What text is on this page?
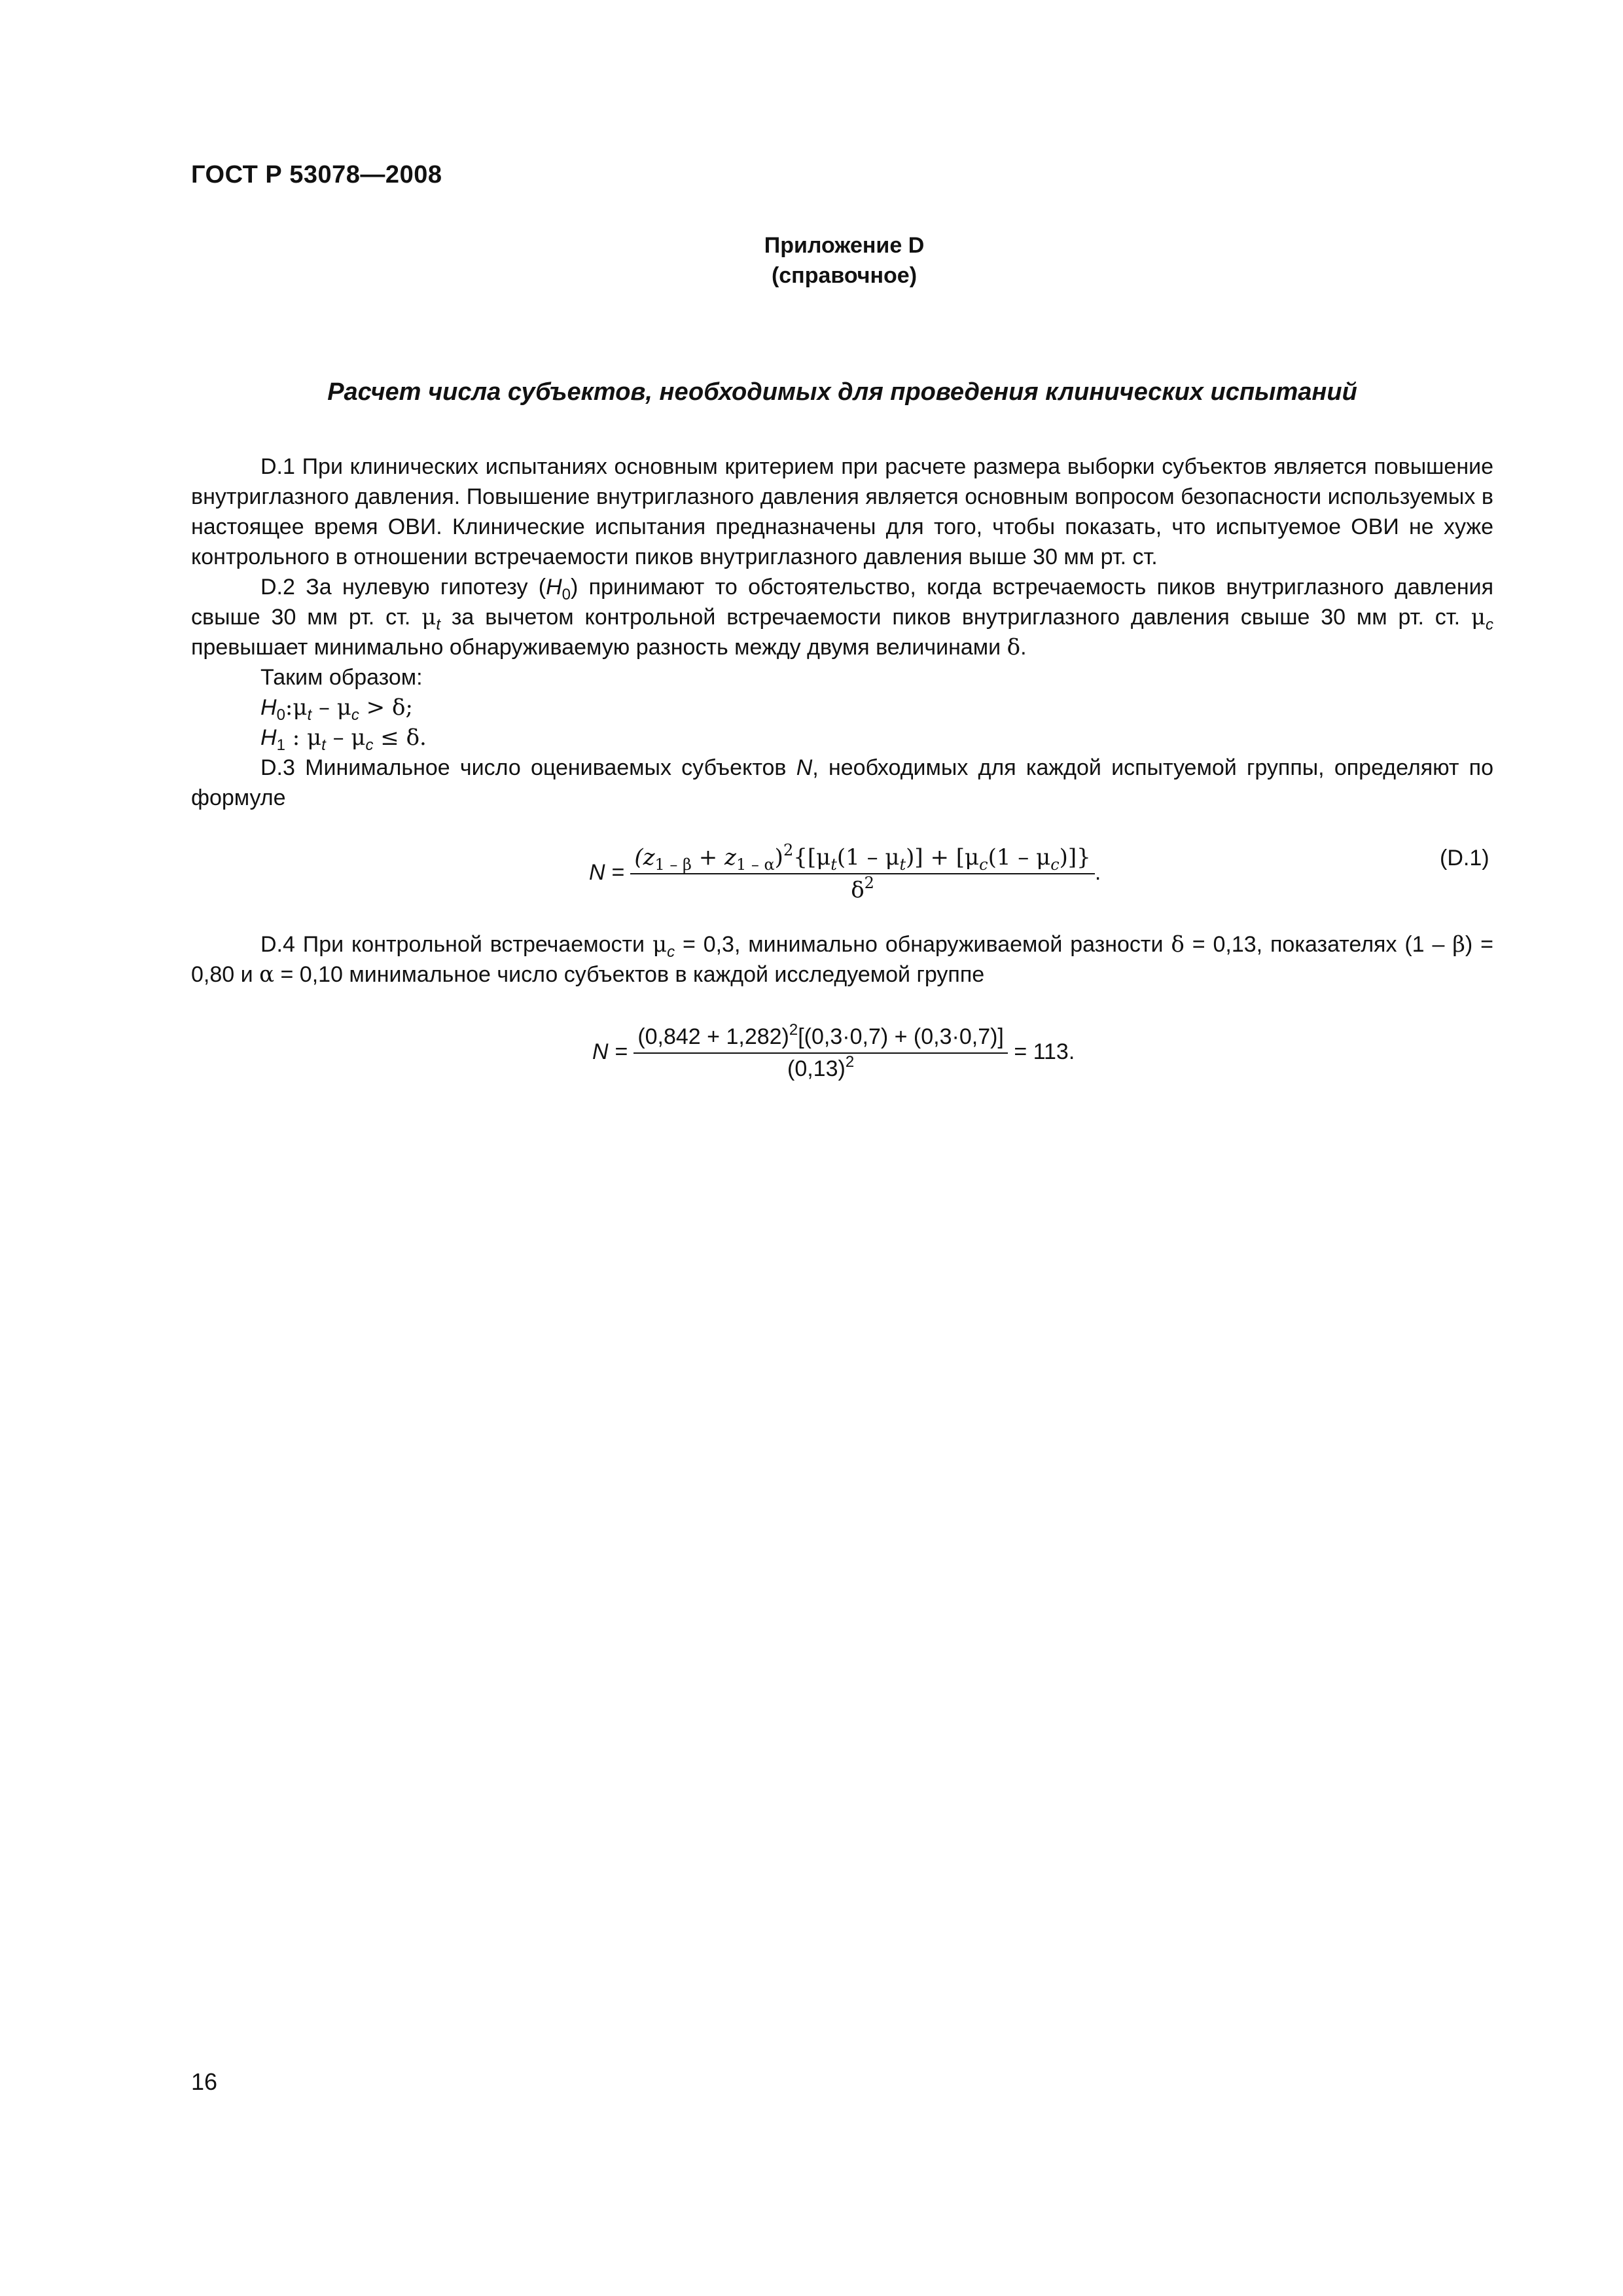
ГОСТ Р 53078—2008
Приложение D
(справочное)
Расчет числа субъектов, необходимых для проведения клинических испытаний

D.1 При клинических испытаниях основным критерием при расчете размера выборки субъектов является повышение внутриглазного давления. Повышение внутриглазного давления является основным вопросом безопасности используемых в настоящее время ОВИ. Клинические испытания предназначены для того, чтобы показать, что испытуемое ОВИ не хуже контрольного в отношении встречаемости пиков внутриглазного давления выше 30 мм рт. ст.

D.2 За нулевую гипотезу $(H_0)$ принимают то обстоятельство, когда встречаемость пиков внутриглазного давления свыше 30 мм рт. ст. $\mu_t$ за вычетом контрольной встречаемости пиков внутриглазного давления свыше 30 мм рт. ст. $\mu_c$ превышает минимально обнаруживаемую разность между двумя величинами δ.

Таким образом:
$H_0:\mu_t - \mu_c > \delta$;
$H_1$ : $\mu_t - \mu_c \le \delta$.

D.3 Минимальное число оцениваемых субъектов N, необходимых для каждой испытуемой группы, определяют по формуле

$N = \frac{(z_{1 - \beta} + z_{1 - \alpha})^2\{[\mu_t(1 - \mu_t)] + [\mu_c(1 - \mu_c)]\}}{\delta^2}$ .
(D.1)

D.4 При контрольной встречаемости $\mu_c = 0,3$, минимально обнаруживаемой разности δ = 0,13, показателях (1 – β) = 0,80 и α = 0,10 минимальное число субъектов в каждой исследуемой группе

$N = \frac{(0,842 + 1,282)^2[(0,3\cdot 0,7) + (0,3\cdot 0,7)]}{(0,13)^2} = 113$.
16
